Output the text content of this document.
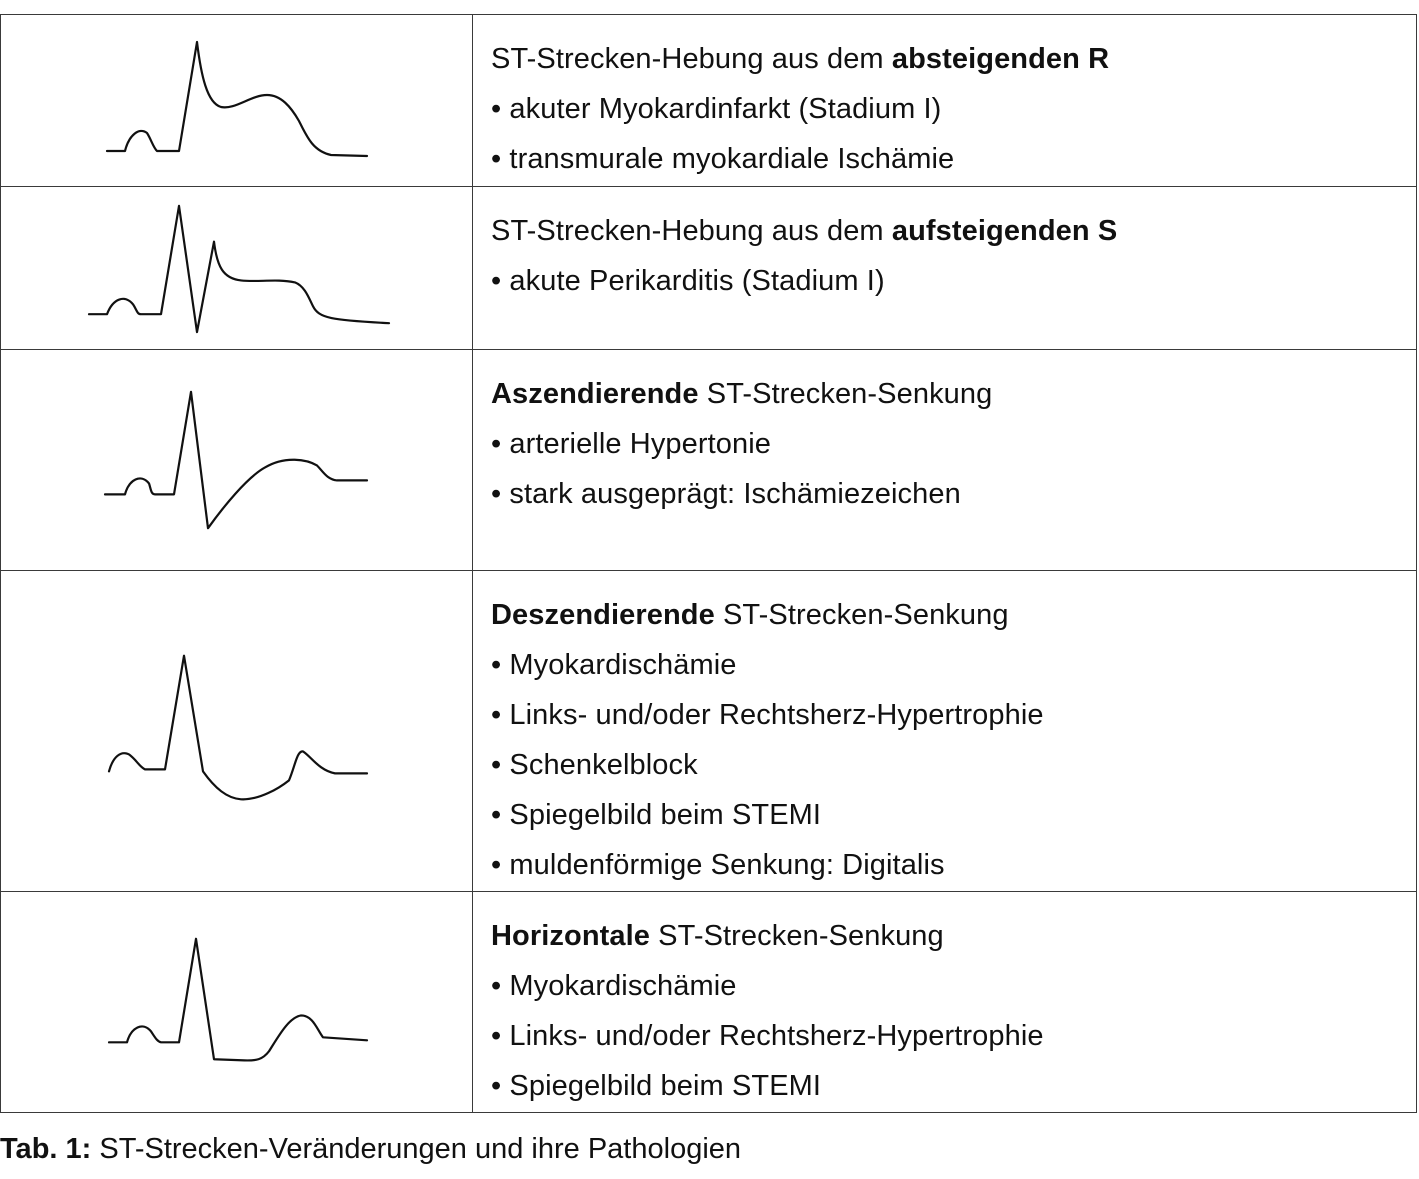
ST-Strecken-Hebung aus dem absteigenden R
• akuter Myokardinfarkt (Stadium I)
• transmurale myokardiale Ischämie
ST-Strecken-Hebung aus dem aufsteigenden S
• akute Perikarditis (Stadium I)
Aszendierende ST-Strecken-Senkung
• arterielle Hypertonie
• stark ausgeprägt: Ischämiezeichen
Deszendierende ST-Strecken-Senkung
• Myokardischämie
• Links- und/oder Rechtsherz-Hypertrophie
• Schenkelblock
• Spiegelbild beim STEMI
• muldenförmige Senkung: Digitalis
Horizontale ST-Strecken-Senkung
• Myokardischämie
• Links- und/oder Rechtsherz-Hypertrophie
• Spiegelbild beim STEMI
Tab. 1: ST-Strecken-Veränderungen und ihre Pathologien
